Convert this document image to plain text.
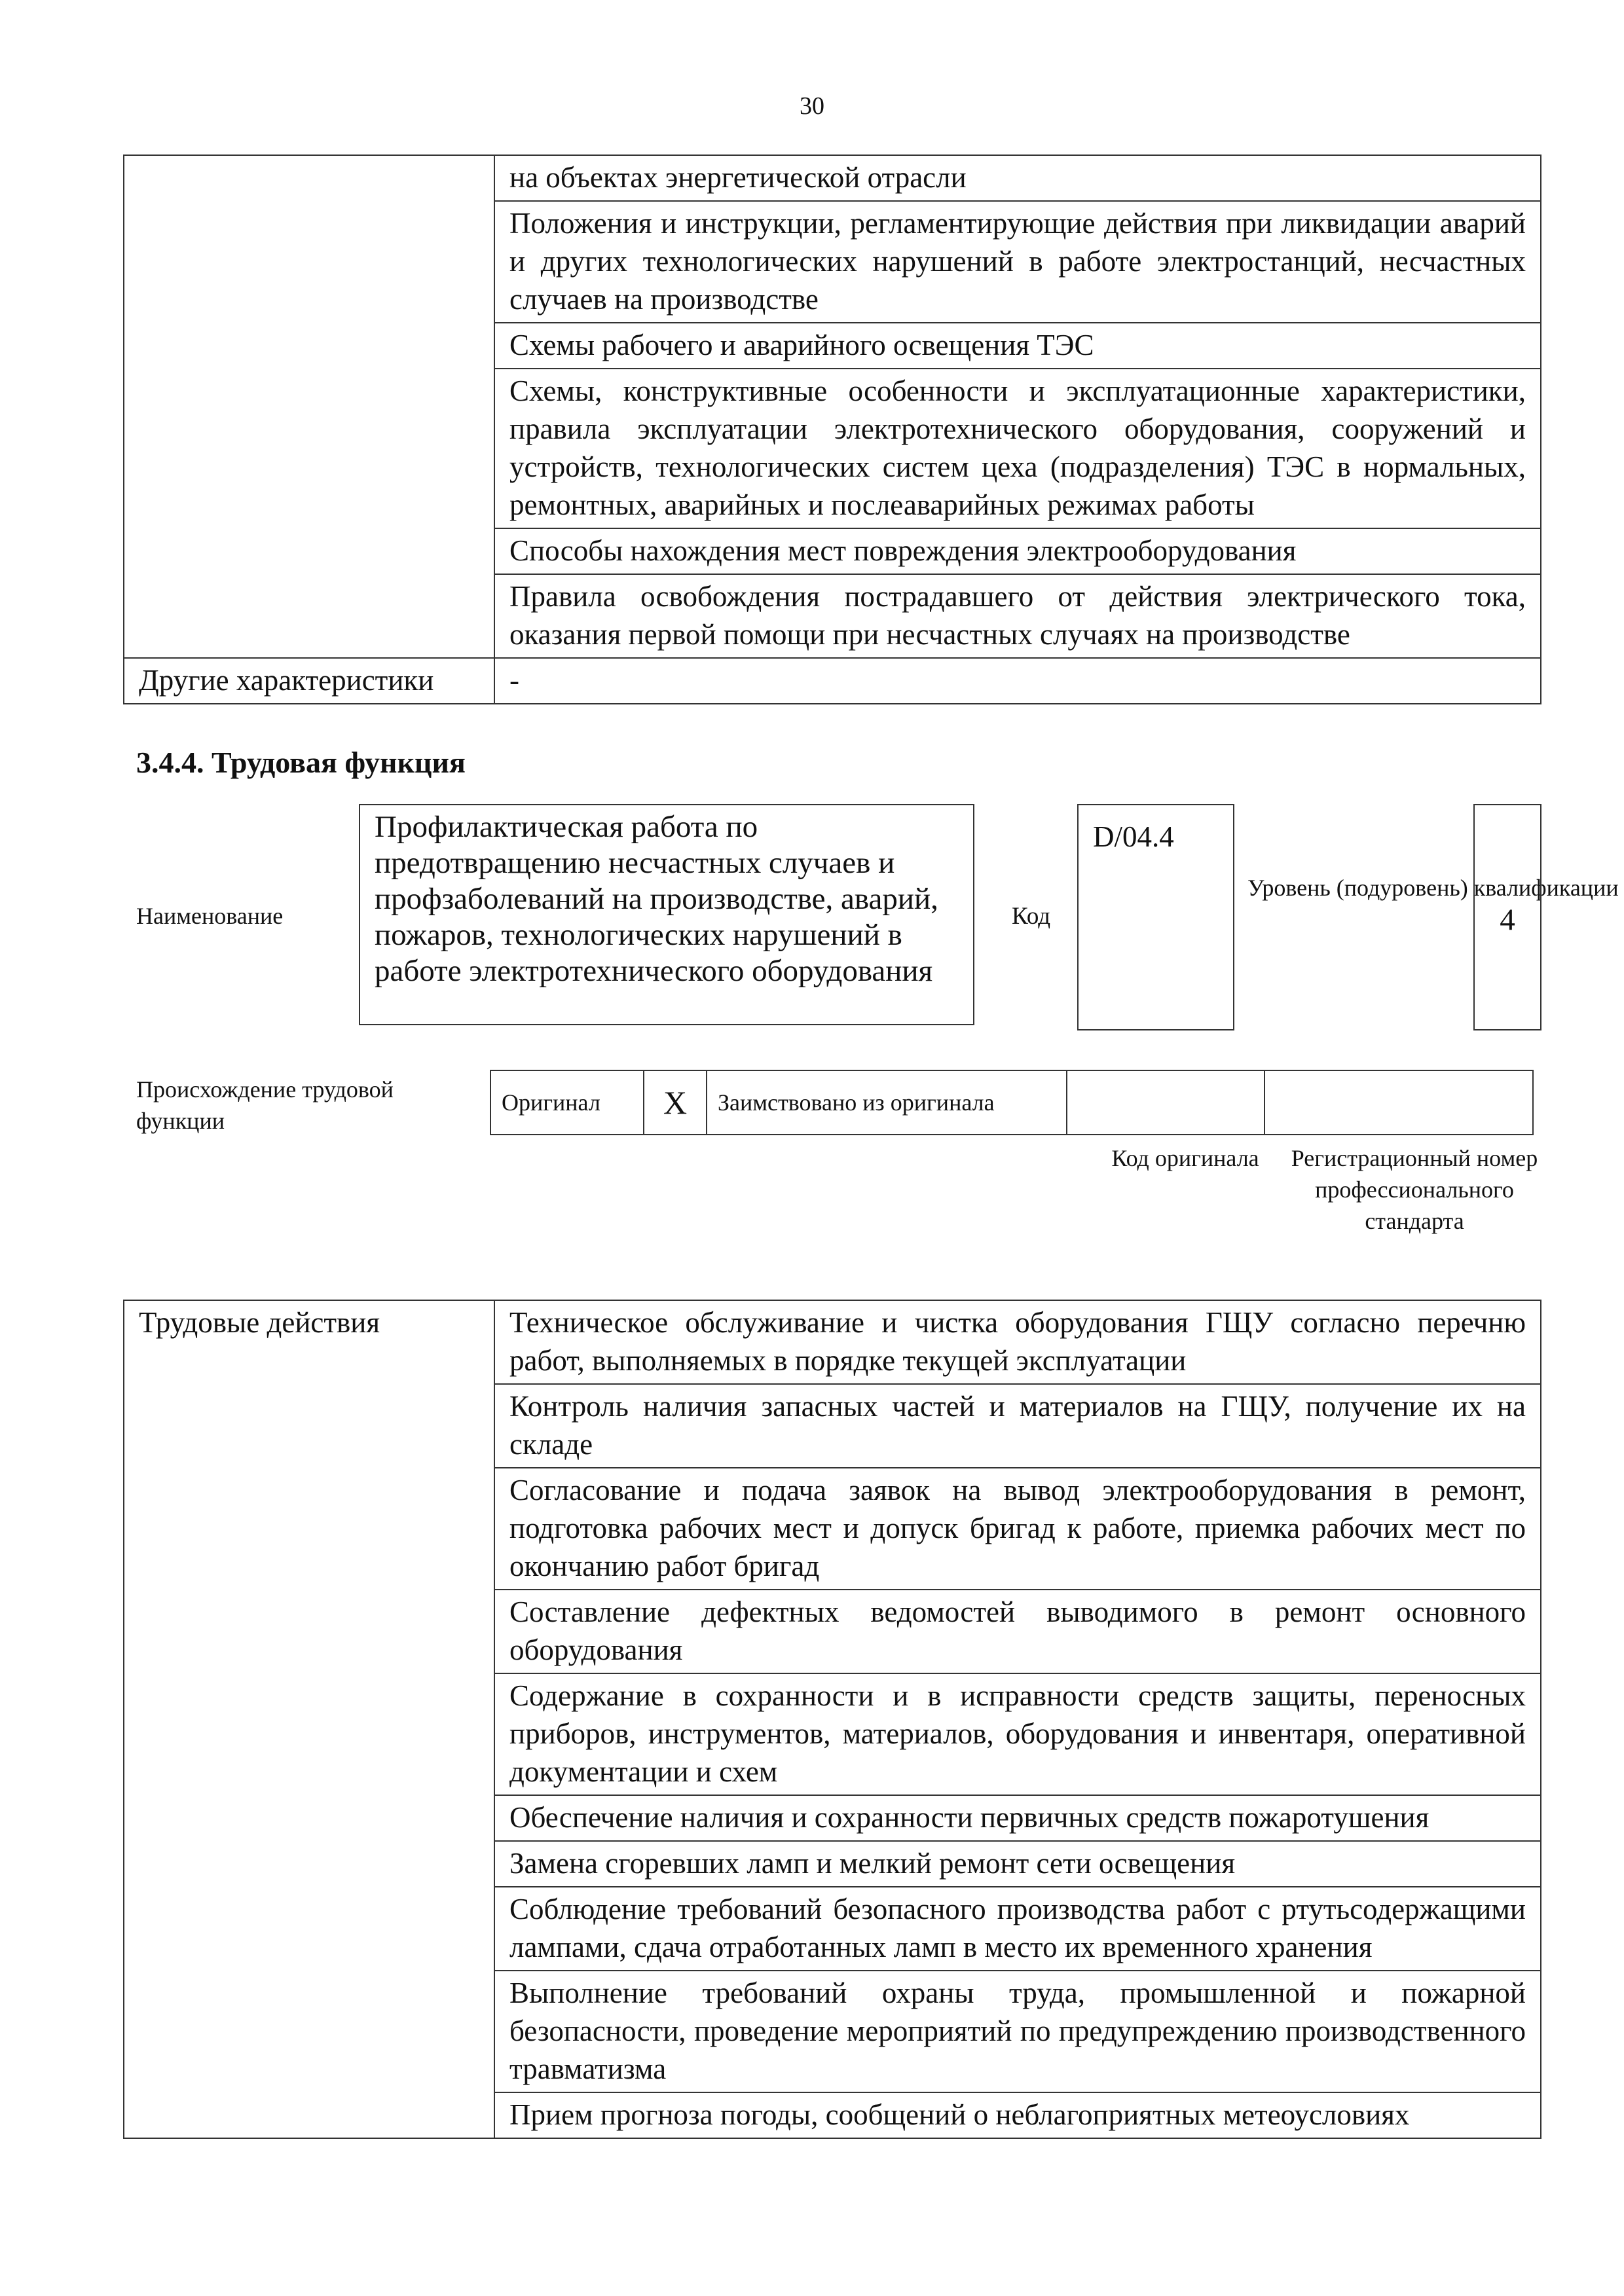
30
	на объектах энергетической отрасли
	Положения и инструкции, регламентирующие действия при ликвидации аварий и других технологических нарушений в работе электростанций, несчастных случаев на производстве
	Схемы рабочего и аварийного освещения ТЭС
	Схемы, конструктивные особенности и эксплуатационные характеристики, правила эксплуатации электротехнического оборудования, сооружений и устройств, технологических систем цеха (подразделения) ТЭС в нормальных, ремонтных, аварийных и послеаварийных режимах работы
	Способы нахождения мест повреждения электрооборудования
	Правила освобождения пострадавшего от действия электрического тока, оказания первой помощи при несчастных случаях на производстве
Другие характеристики	-
3.4.4. Трудовая функция
Наименование
Профилактическая работа по предотвращению несчастных случаев и профзаболеваний на производстве, аварий, пожаров, технологических нарушений в работе электротехнического оборудования
Код
D/04.4
Уровень (подуровень) квалификации
4
Происхождение трудовой функции
Оригинал	X	Заимствовано из оригинала		
Код оригинала	Регистрационный номер профессионального стандарта
Трудовые действия	Техническое обслуживание и чистка оборудования ГЩУ согласно перечню работ, выполняемых в порядке текущей эксплуатации
Контроль наличия запасных частей и материалов на ГЩУ, получение их на складе
Согласование и подача заявок на вывод электрооборудования в ремонт, подготовка рабочих мест и допуск бригад к работе, приемка рабочих мест по окончанию работ бригад
Составление дефектных ведомостей выводимого в ремонт основного оборудования
Содержание в сохранности и в исправности средств защиты, переносных приборов, инструментов, материалов, оборудования и инвентаря, оперативной документации и схем
Обеспечение наличия и сохранности первичных средств пожаротушения
Замена сгоревших ламп и мелкий ремонт сети освещения
Соблюдение требований безопасного производства работ с ртутьсодержащими лампами, сдача отработанных ламп в место их временного хранения
Выполнение требований охраны труда, промышленной и пожарной безопасности, проведение мероприятий по предупреждению производственного травматизма
Прием прогноза погоды, сообщений о неблагоприятных метеоусловиях
